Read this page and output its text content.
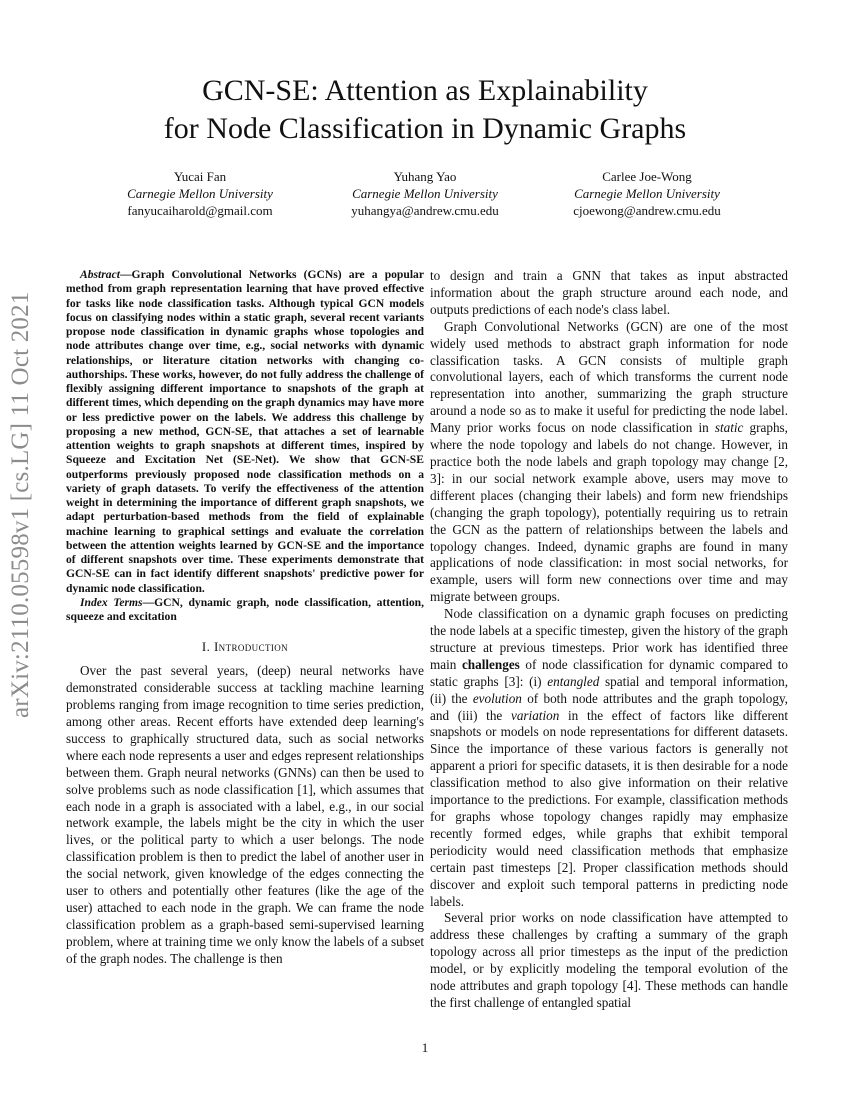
arXiv:2110.05598v1 [cs.LG] 11 Oct 2021
GCN-SE: Attention as Explainability
for Node Classification in Dynamic Graphs
Yucai Fan
Carnegie Mellon University
fanyucaiharold@gmail.com
Yuhang Yao
Carnegie Mellon University
yuhangya@andrew.cmu.edu
Carlee Joe-Wong
Carnegie Mellon University
cjoewong@andrew.cmu.edu

Abstract—Graph Convolutional Networks (GCNs) are a popular method from graph representation learning that have proved effective for tasks like node classification tasks. Although typical GCN models focus on classifying nodes within a static graph, several recent variants propose node classification in dynamic graphs whose topologies and node attributes change over time, e.g., social networks with dynamic relationships, or literature citation networks with changing co-authorships. These works, however, do not fully address the challenge of flexibly assigning different importance to snapshots of the graph at different times, which depending on the graph dynamics may have more or less predictive power on the labels. We address this challenge by proposing a new method, GCN-SE, that attaches a set of learnable attention weights to graph snapshots at different times, inspired by Squeeze and Excitation Net (SE-Net). We show that GCN-SE outperforms previously proposed node classification methods on a variety of graph datasets. To verify the effectiveness of the attention weight in determining the importance of different graph snapshots, we adapt perturbation-based methods from the field of explainable machine learning to graphical settings and evaluate the correlation between the attention weights learned by GCN-SE and the importance of different snapshots over time. These experiments demonstrate that GCN-SE can in fact identify different snapshots' predictive power for dynamic node classification.

Index Terms—GCN, dynamic graph, node classification, attention, squeeze and excitation

I. Introduction

Over the past several years, (deep) neural networks have demonstrated considerable success at tackling machine learning problems ranging from image recognition to time series prediction, among other areas. Recent efforts have extended deep learning's success to graphically structured data, such as social networks where each node represents a user and edges represent relationships between them. Graph neural networks (GNNs) can then be used to solve problems such as node classification [1], which assumes that each node in a graph is associated with a label, e.g., in our social network example, the labels might be the city in which the user lives, or the political party to which a user belongs. The node classification problem is then to predict the label of another user in the social network, given knowledge of the edges connecting the user to others and potentially other features (like the age of the user) attached to each node in the graph. We can frame the node classification problem as a graph-based semi-supervised learning problem, where at training time we only know the labels of a subset of the graph nodes. The challenge is then

to design and train a GNN that takes as input abstracted information about the graph structure around each node, and outputs predictions of each node's class label.

Graph Convolutional Networks (GCN) are one of the most widely used methods to abstract graph information for node classification tasks. A GCN consists of multiple graph convolutional layers, each of which transforms the current node representation into another, summarizing the graph structure around a node so as to make it useful for predicting the node label. Many prior works focus on node classification in static graphs, where the node topology and labels do not change. However, in practice both the node labels and graph topology may change [2, 3]: in our social network example above, users may move to different places (changing their labels) and form new friendships (changing the graph topology), potentially requiring us to retrain the GCN as the pattern of relationships between the labels and topology changes. Indeed, dynamic graphs are found in many applications of node classification: in most social networks, for example, users will form new connections over time and may migrate between groups.

Node classification on a dynamic graph focuses on predicting the node labels at a specific timestep, given the history of the graph structure at previous timesteps. Prior work has identified three main challenges of node classification for dynamic compared to static graphs [3]: (i) entangled spatial and temporal information, (ii) the evolution of both node attributes and the graph topology, and (iii) the variation in the effect of factors like different snapshots or models on node representations for different datasets. Since the importance of these various factors is generally not apparent a priori for specific datasets, it is then desirable for a node classification method to also give information on their relative importance to the predictions. For example, classification methods for graphs whose topology changes rapidly may emphasize recently formed edges, while graphs that exhibit temporal periodicity would need classification methods that emphasize certain past timesteps [2]. Proper classification methods should discover and exploit such temporal patterns in predicting node labels.

Several prior works on node classification have attempted to address these challenges by crafting a summary of the graph topology across all prior timesteps as the input of the prediction model, or by explicitly modeling the temporal evolution of the node attributes and graph topology [4]. These methods can handle the first challenge of entangled spatial

1
